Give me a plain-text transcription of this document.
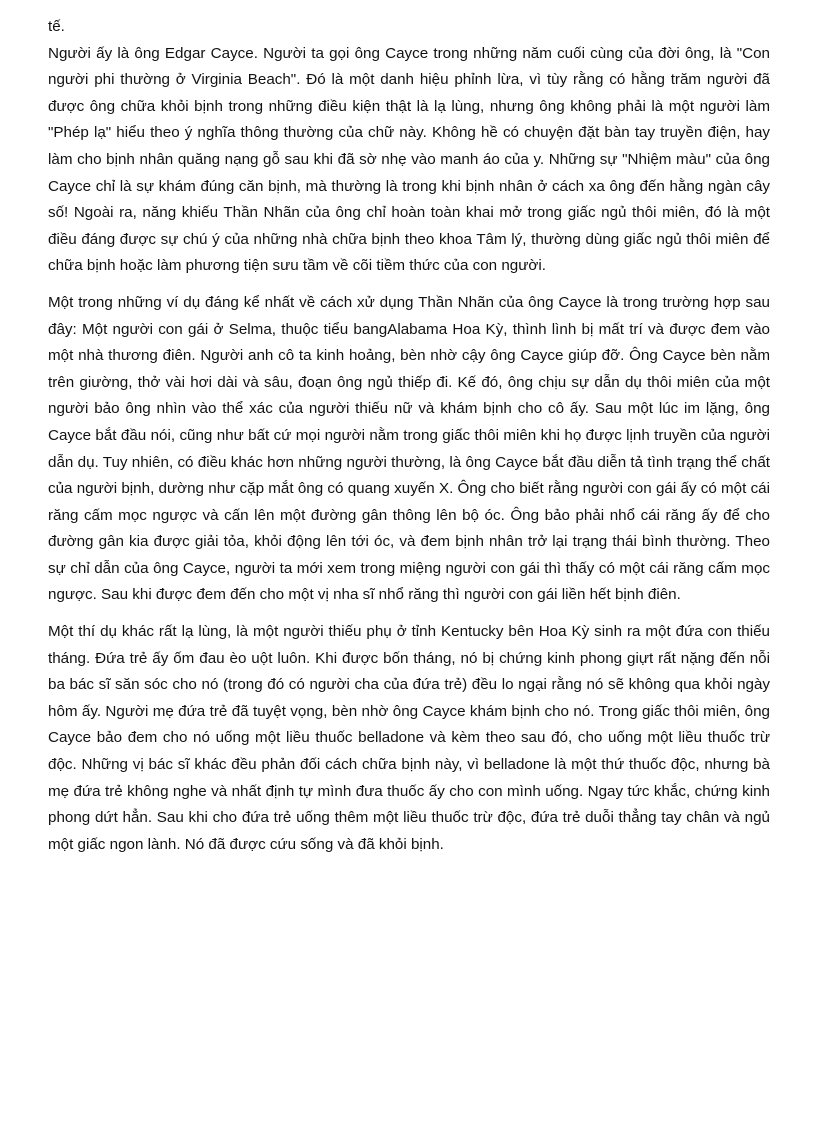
tế.

Người ấy là ông Edgar Cayce. Người ta gọi ông Cayce trong những năm cuối cùng của đời ông, là "Con người phi thường ở Virginia Beach". Đó là một danh hiệu phỉnh lừa, vì tùy rằng có hằng trăm người đã được ông chữa khỏi bịnh trong những điều kiện thật là lạ lùng, nhưng ông không phải là một người làm "Phép lạ" hiểu theo ý nghĩa thông thường của chữ này. Không hề có chuyện đặt bàn tay truyền điện, hay làm cho bịnh nhân quăng nạng gỗ sau khi đã sờ nhẹ vào manh áo của y. Những sự "Nhiệm màu" của ông Cayce chỉ là sự khám đúng căn bịnh, mà thường là trong khi bịnh nhân ở cách xa ông đến hằng ngàn cây số! Ngoài ra, năng khiếu Thần Nhãn của ông chỉ hoàn toàn khai mở trong giấc ngủ thôi miên, đó là một điều đáng được sự chú ý của những nhà chữa bịnh theo khoa Tâm lý, thường dùng giấc ngủ thôi miên để chữa bịnh hoặc làm phương tiện sưu tầm về cõi tiềm thức của con người.

Một trong những ví dụ đáng kể nhất về cách xử dụng Thần Nhãn của ông Cayce là trong trường hợp sau đây: Một người con gái ở Selma, thuộc tiểu bangAlabama Hoa Kỳ, thình lình bị mất trí và được đem vào một nhà thương điên. Người anh cô ta kinh hoảng, bèn nhờ cậy ông Cayce giúp đỡ. Ông Cayce bèn nằm trên giường, thở vài hơi dài và sâu, đoạn ông ngủ thiếp đi. Kế đó, ông chịu sự dẫn dụ thôi miên của một người bảo ông nhìn vào thể xác của người thiếu nữ và khám bịnh cho cô ấy. Sau một lúc im lặng, ông Cayce bắt đầu nói, cũng như bất cứ mọi người nằm trong giấc thôi miên khi họ được lịnh truyền của người dẫn dụ. Tuy nhiên, có điều khác hơn những người thường, là ông Cayce bắt đầu diễn tả tình trạng thể chất của người bịnh, dường như cặp mắt ông có quang xuyến X. Ông cho biết rằng người con gái ấy có một cái răng cấm mọc ngược và cấn lên một đường gân thông lên bộ óc. Ông bảo phải nhổ cái răng ấy để cho đường gân kia được giải tỏa, khỏi động lên tới óc, và đem bịnh nhân trở lại trạng thái bình thường. Theo sự chỉ dẫn của ông Cayce, người ta mới xem trong miệng người con gái thì thấy có một cái răng cấm mọc ngược. Sau khi được đem đến cho một vị nha sĩ nhổ răng thì người con gái liền hết bịnh điên.

Một thí dụ khác rất lạ lùng, là một người thiếu phụ ở tỉnh Kentucky bên Hoa Kỳ sinh ra một đứa con thiếu tháng. Đứa trẻ ấy ốm đau èo uột luôn. Khi được bốn tháng, nó bị chứng kinh phong giựt rất nặng đến nỗi ba bác sĩ săn sóc cho nó (trong đó có người cha của đứa trẻ) đều lo ngại rằng nó sẽ không qua khỏi ngày hôm ấy. Người mẹ đứa trẻ đã tuyệt vọng, bèn nhờ ông Cayce khám bịnh cho nó. Trong giấc thôi miên, ông Cayce bảo đem cho nó uống một liều thuốc belladone và kèm theo sau đó, cho uống một liều thuốc trừ độc. Những vị bác sĩ khác đều phản đối cách chữa bịnh này, vì belladone là một thứ thuốc độc, nhưng bà mẹ đứa trẻ không nghe và nhất định tự mình đưa thuốc ấy cho con mình uống. Ngay tức khắc, chứng kinh phong dứt hẳn. Sau khi cho đứa trẻ uống thêm một liều thuốc trừ độc, đứa trẻ duỗi thẳng tay chân và ngủ một giấc ngon lành. Nó đã được cứu sống và đã khỏi bịnh.
